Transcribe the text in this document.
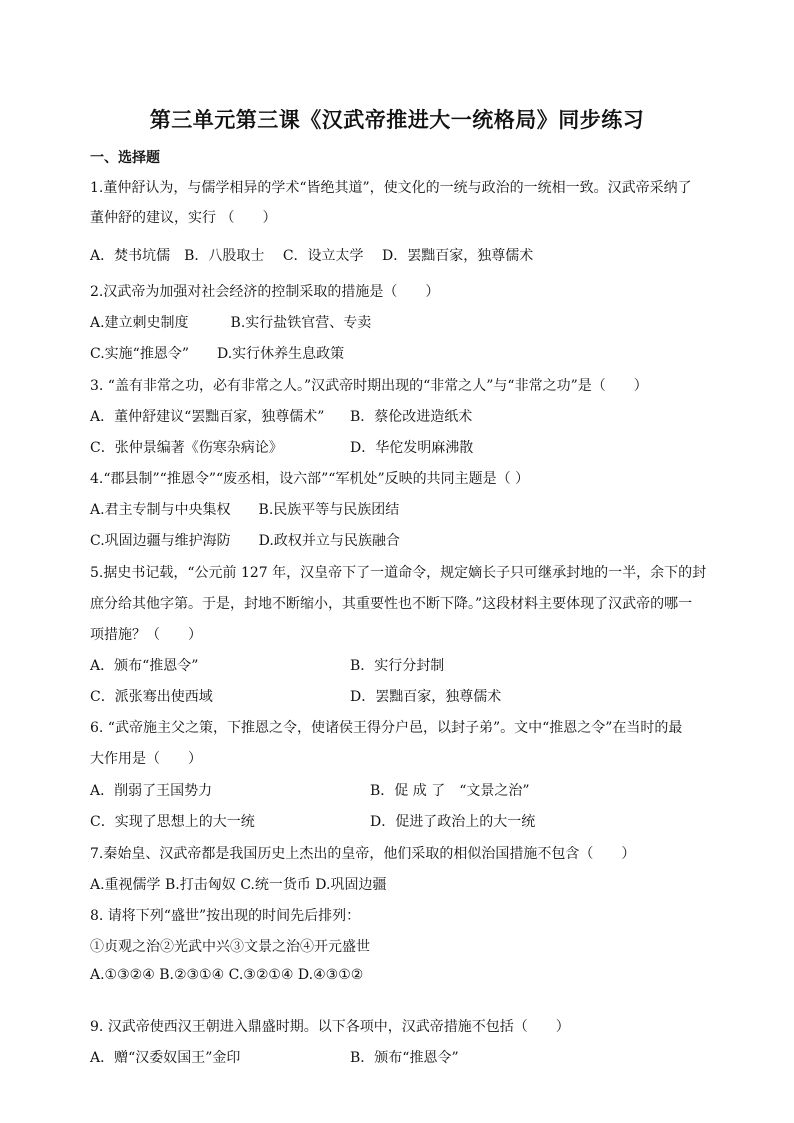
第三单元第三课《汉武帝推进大一统格局》同步练习
一、选择题
1.董仲舒认为，与儒学相异的学术“皆绝其道”，使文化的一统与政治的一统相一致。汉武帝采纳了
董仲舒的建议，实行 （　　）
A．焚书坑儒　B．八股取士　 C．设立太学　 D．罢黜百家，独尊儒术
2.汉武帝为加强对社会经济的控制采取的措施是（　　）
A.建立刺史制度　　　B.实行盐铁官营、专卖
C.实施“推恩令”　　D.实行休养生息政策
3. “盖有非常之功，必有非常之人。”汉武帝时期出现的“非常之人”与“非常之功”是（　　）
A．董仲舒建议“罢黜百家，独尊儒术” B．蔡伦改进造纸术
C．张仲景编著《伤寒杂病论》	D．华佗发明麻沸散
4.“郡县制”“推恩令”“废丞相，设六部”“军机处”反映的共同主题是（ ）
A.君主专制与中央集权　　B.民族平等与民族团结
C.巩固边疆与维护海防　　D.政权并立与民族融合
5.据史书记载，“公元前 127 年，汉皇帝下了一道命令，规定嫡长子只可继承封地的一半，余下的封
庶分给其他字第。于是，封地不断缩小，其重要性也不断下降。”这段材料主要体现了汉武帝的哪一
项措施？（　　）
A．颁布“推恩令”	B．实行分封制
C．派张骞出使西域	D．罢黜百家，独尊儒术
6. “武帝施主父之策，下推恩之令，使诸侯王得分户邑，以封子弟”。文中“推恩之令”在当时的最
大作用是（　　）
A．削弱了王国势力	B．促 成 了　“文景之治”
C．实现了思想上的大一统	D．促进了政治上的大一统
7.秦始皇、汉武帝都是我国历史上杰出的皇帝，他们采取的相似治国措施不包含（　　）
A.重视儒学 B.打击匈奴 C.统一货币 D.巩固边疆
8. 请将下列“盛世”按出现的时间先后排列：
①贞观之治②光武中兴③文景之治④开元盛世
A.①③②④ B.②③①④ C.③②①④ D.④③①②
9. 汉武帝使西汉王朝进入鼎盛时期。以下各项中，汉武帝措施不包括（　　）
A．赠“汉委奴国王”金印	B．颁布“推恩令”
